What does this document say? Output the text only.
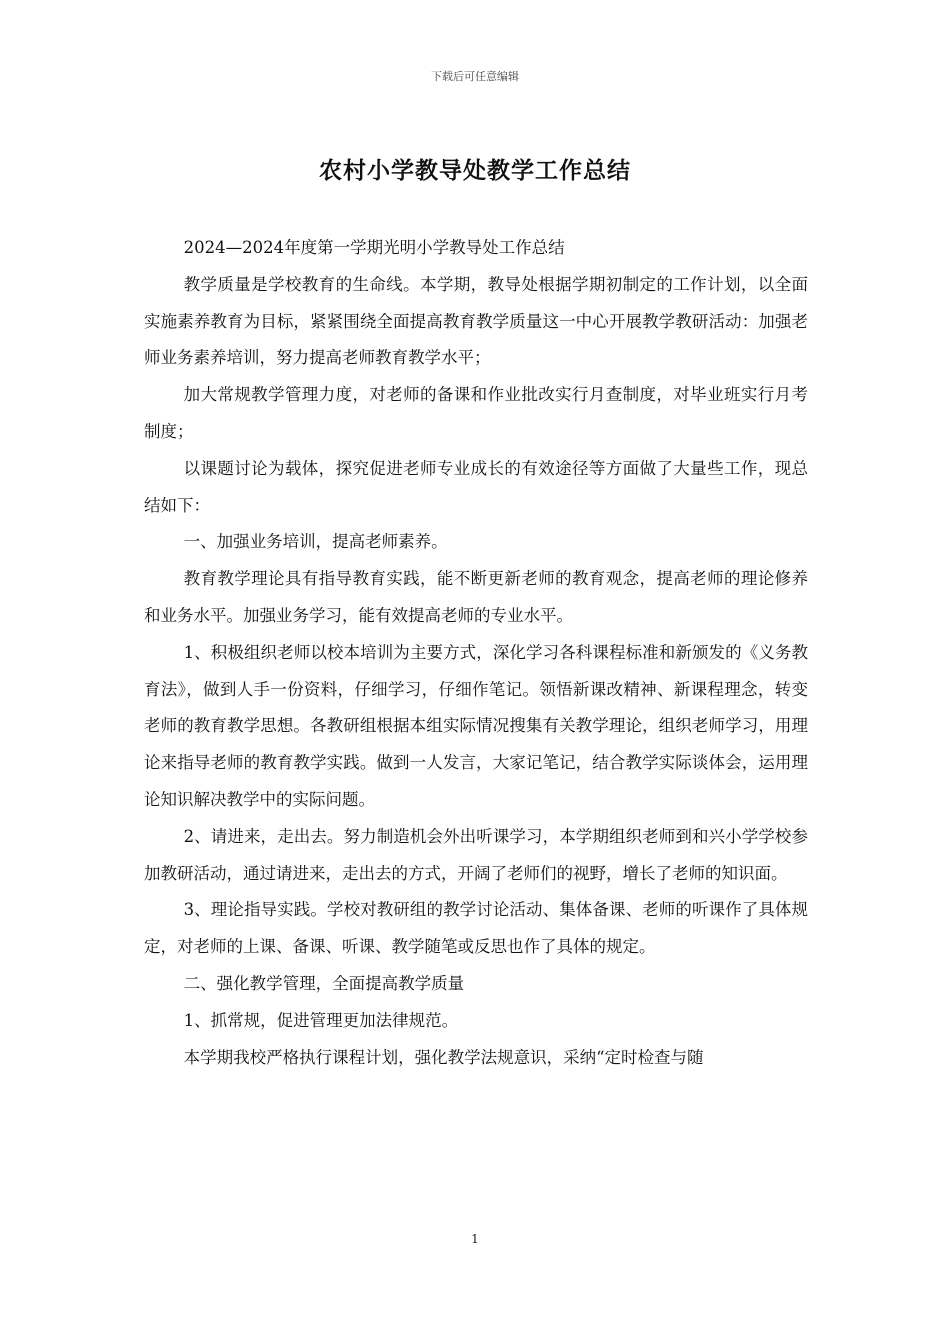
下载后可任意编辑
农村小学教导处教学工作总结

2024—2024年度第一学期光明小学教导处工作总结

教学质量是学校教育的生命线。本学期，教导处根据学期初制定的工作计划，以全面实施素养教育为目标，紧紧围绕全面提高教育教学质量这一中心开展教学教研活动：加强老师业务素养培训，努力提高老师教育教学水平；

加大常规教学管理力度，对老师的备课和作业批改实行月查制度，对毕业班实行月考制度；

以课题讨论为载体，探究促进老师专业成长的有效途径等方面做了大量些工作，现总结如下：

一、加强业务培训，提高老师素养。

教育教学理论具有指导教育实践，能不断更新老师的教育观念，提高老师的理论修养和业务水平。加强业务学习，能有效提高老师的专业水平。

1、积极组织老师以校本培训为主要方式，深化学习各科课程标准和新颁发的《义务教育法》，做到人手一份资料，仔细学习，仔细作笔记。领悟新课改精神、新课程理念，转变老师的教育教学思想。各教研组根据本组实际情况搜集有关教学理论，组织老师学习，用理论来指导老师的教育教学实践。做到一人发言，大家记笔记，结合教学实际谈体会，运用理论知识解决教学中的实际问题。

2、请进来，走出去。努力制造机会外出听课学习，本学期组织老师到和兴小学学校参加教研活动，通过请进来，走出去的方式，开阔了老师们的视野，增长了老师的知识面。

3、理论指导实践。学校对教研组的教学讨论活动、集体备课、老师的听课作了具体规定，对老师的上课、备课、听课、教学随笔或反思也作了具体的规定。

二、强化教学管理，全面提高教学质量

1、抓常规，促进管理更加法律规范。

本学期我校严格执行课程计划，强化教学法规意识，采纳“定时检查与随

1
